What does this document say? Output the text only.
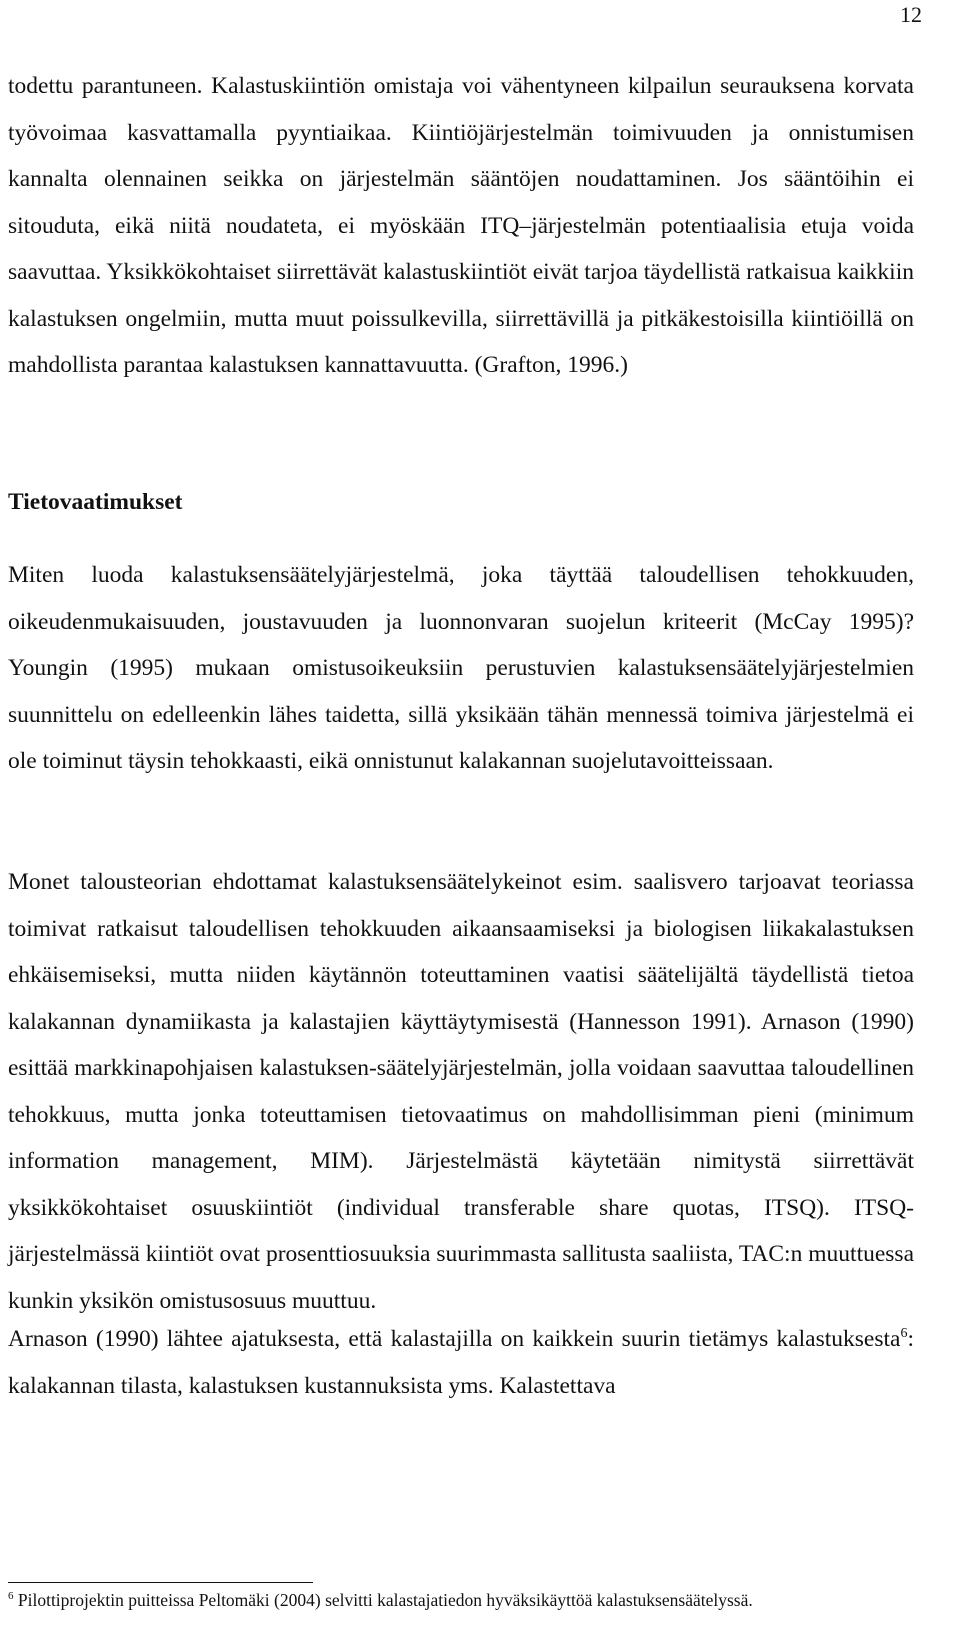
12

todettu parantuneen. Kalastuskiintiön omistaja voi vähentyneen kilpailun seurauksena korvata työvoimaa kasvattamalla pyyntiaikaa. Kiintiöjärjestelmän toimivuuden ja onnistumisen kannalta olennainen seikka on järjestelmän sääntöjen noudattaminen. Jos sääntöihin ei sitouduta, eikä niitä noudateta, ei myöskään ITQ–järjestelmän potentiaalisia etuja voida saavuttaa. Yksikkökohtaiset siirrettävät kalastuskiintiöt eivät tarjoa täydellistä ratkaisua kaikkiin kalastuksen ongelmiin, mutta muut poissulkevilla, siirrettävillä ja pitkäkestoisilla kiintiöillä on mahdollista parantaa kalastuksen kannattavuutta. (Grafton, 1996.)

Tietovaatimukset

Miten luoda kalastuksensäätelyjärjestelmä, joka täyttää taloudellisen tehokkuuden, oikeudenmukaisuuden, joustavuuden ja luonnonvaran suojelun kriteerit (McCay 1995)? Youngin (1995) mukaan omistusoikeuksiin perustuvien kalastuksensäätelyjärjestelmien suunnittelu on edelleenkin lähes taidetta, sillä yksikään tähän mennessä toimiva järjestelmä ei ole toiminut täysin tehokkaasti, eikä onnistunut kalakannan suojelutavoitteissaan.

Monet talousteorian ehdottamat kalastuksensäätelykeinot esim. saalisvero tarjoavat teoriassa toimivat ratkaisut taloudellisen tehokkuuden aikaansaamiseksi ja biologisen liikakalastuksen ehkäisemiseksi, mutta niiden käytännön toteuttaminen vaatisi säätelijältä täydellistä tietoa kalakannan dynamiikasta ja kalastajien käyttäytymisestä (Hannesson 1991). Arnason (1990) esittää markkinapohjaisen kalastuksen-säätelyjärjestelmän, jolla voidaan saavuttaa taloudellinen tehokkuus, mutta jonka toteuttamisen tietovaatimus on mahdollisimman pieni (minimum information management, MIM). Järjestelmästä käytetään nimitystä siirrettävät yksikkökohtaiset osuuskiintiöt (individual transferable share quotas, ITSQ). ITSQ-järjestelmässä kiintiöt ovat prosenttiosuuksia suurimmasta sallitusta saaliista, TAC:n muuttuessa kunkin yksikön omistusosuus muuttuu.

Arnason (1990) lähtee ajatuksesta, että kalastajilla on kaikkein suurin tietämys kalastuksesta$^6$: kalakannan tilasta, kalastuksen kustannuksista yms. Kalastettava

$^6$ Pilottiprojektin puitteissa Peltomäki (2004) selvitti kalastajatiedon hyväksikäyttöä kalastuksensäätelyssä.
